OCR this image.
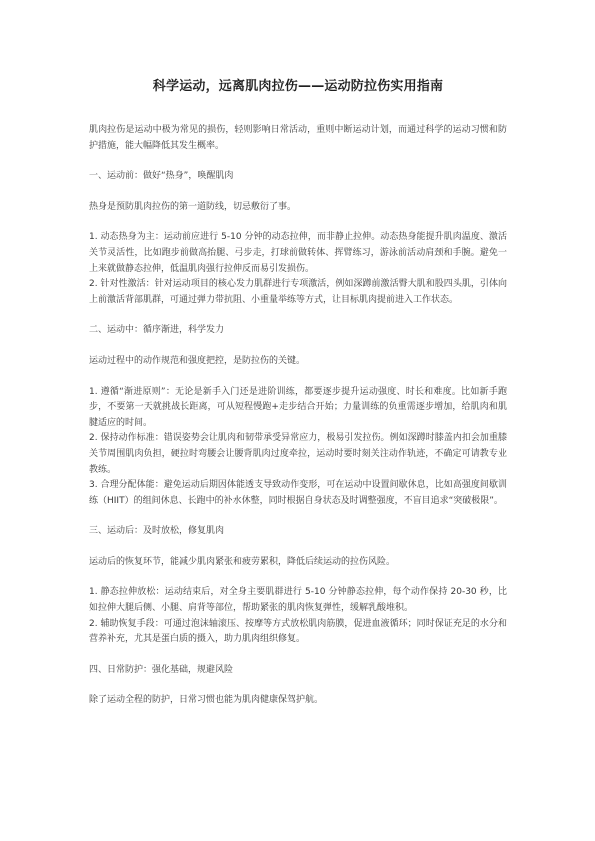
科学运动，远离肌肉拉伤——运动防拉伤实用指南

肌肉拉伤是运动中极为常见的损伤，轻则影响日常活动，重则中断运动计划，而通过科学的运动习惯和防护措施，能大幅降低其发生概率。

一、运动前：做好“热身”，唤醒肌肉

热身是预防肌肉拉伤的第一道防线，切忌敷衍了事。

1. 动态热身为主：运动前应进行 5-10 分钟的动态拉伸，而非静止拉伸。动态热身能提升肌肉温度、激活关节灵活性，比如跑步前做高抬腿、弓步走，打球前做转体、挥臂练习，游泳前活动肩颈和手腕。避免一上来就做静态拉伸，低温肌肉强行拉伸反而易引发损伤。

2. 针对性激活：针对运动项目的核心发力肌群进行专项激活，例如深蹲前激活臀大肌和股四头肌，引体向上前激活背部肌群，可通过弹力带抗阻、小重量举练等方式，让目标肌肉提前进入工作状态。

二、运动中：循序渐进，科学发力

运动过程中的动作规范和强度把控，是防拉伤的关键。

1. 遵循“渐进原则”：无论是新手入门还是进阶训练，都要逐步提升运动强度、时长和难度。比如新手跑步，不要第一天就挑战长距离，可从短程慢跑+走步结合开始；力量训练的负重需逐步增加，给肌肉和肌腱适应的时间。

2. 保持动作标准：错误姿势会让肌肉和韧带承受异常应力，极易引发拉伤。例如深蹲时膝盖内扣会加重膝关节周围肌肉负担，硬拉时弯腰会让腰背肌肉过度牵拉，运动时要时刻关注动作轨迹，不确定可请教专业教练。

3. 合理分配体能：避免运动后期因体能透支导致动作变形，可在运动中设置间歇休息，比如高强度间歇训练（HIIT）的组间休息、长跑中的补水休整，同时根据自身状态及时调整强度，不盲目追求“突破极限”。

三、运动后：及时放松，修复肌肉

运动后的恢复环节，能减少肌肉紧张和疲劳累积，降低后续运动的拉伤风险。

1. 静态拉伸放松：运动结束后，对全身主要肌群进行 5-10 分钟静态拉伸，每个动作保持 20-30 秒，比如拉伸大腿后侧、小腿、肩背等部位，帮助紧张的肌肉恢复弹性，缓解乳酸堆积。

2. 辅助恢复手段：可通过泡沫轴滚压、按摩等方式放松肌肉筋膜，促进血液循环；同时保证充足的水分和营养补充，尤其是蛋白质的摄入，助力肌肉组织修复。

四、日常防护：强化基础，规避风险

除了运动全程的防护，日常习惯也能为肌肉健康保驾护航。
